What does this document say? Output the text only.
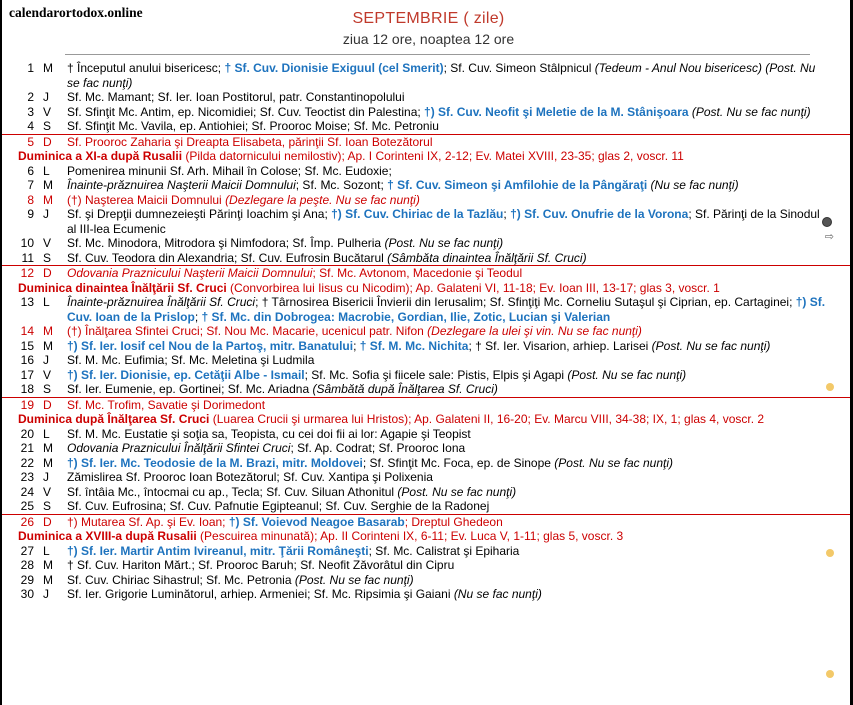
calendarortodox.online	SEPTEMBRIE ( zile)
ziua 12 ore, noaptea 12 ore
1 M	† Începutul anului bisericesc; † Sf. Cuv. Dionisie Exiguul (cel Smerit); Sf. Cuv. Simeon Stâlpnicul (Tedeum - Anul Nou bisericesc) (Post. Nu se fac nunţi)
2 J	Sf. Mc. Mamant; Sf. Ier. Ioan Postitorul, patr. Constantinopolului
3 V	Sf. Sfinţit Mc. Antim, ep. Nicomidiei; Sf. Cuv. Teoctist din Palestina; †) Sf. Cuv. Neofit şi Meletie de la M. Stânişoara (Post. Nu se fac nunţi)
4 S	Sf. Sfinţit Mc. Vavila, ep. Antiohiei; Sf. Prooroc Moise; Sf. Mc. Petroniu
5 D	Sf. Prooroc Zaharia şi Dreapta Elisabeta, părinţii Sf. Ioan Botezătorul
Duminica a XI-a după Rusalii (Pilda datornicului nemilostiv); Ap. I Corinteni IX, 2-12; Ev. Matei XVIII, 23-35; glas 2, voscr. 11
6 L	Pomenirea minunii Sf. Arh. Mihail în Colose; Sf. Mc. Eudoxie;
7 M	Înainte-prăznuirea Naşterii Maicii Domnului; Sf. Mc. Sozont; † Sf. Cuv. Simeon şi Amfilohie de la Pângăraţi (Nu se fac nunţi)
8 M	(†) Naşterea Maicii Domnului (Dezlegare la peşte. Nu se fac nunţi)
9 J	Sf. şi Drepţii dumnezeieşti Părinţi Ioachim şi Ana; †) Sf. Cuv. Chiriac de la Tazlău; †) Sf. Cuv. Onufrie de la Vorona; Sf. Părinţi de la Sinodul al III-lea Ecumenic
10 V	Sf. Mc. Minodora, Mitrodora şi Nimfodora; Sf. Împ. Pulheria (Post. Nu se fac nunţi)
11 S	Sf. Cuv. Teodora din Alexandria; Sf. Cuv. Eufrosin Bucătarul (Sâmbăta dinaintea Înălţării Sf. Cruci)
12 D	Odovania Praznicului Naşterii Maicii Domnului; Sf. Mc. Avtonom, Macedonie şi Teodul
Duminica dinaintea Înălţării Sf. Cruci (Convorbirea lui Iisus cu Nicodim); Ap. Galateni VI, 11-18; Ev. Ioan III, 13-17; glas 3, voscr. 1
13 L	Înainte-prăznuirea Înălţării Sf. Cruci; † Târnosirea Bisericii Învierii din Ierusalim; Sf. Sfinţiţi Mc. Corneliu Sutaşul şi Ciprian, ep. Cartaginei; †) Sf. Cuv. Ioan de la Prislop; † Sf. Mc. din Dobrogea: Macrobie, Gordian, Ilie, Zotic, Lucian şi Valerian
14 M	(†) Înălţarea Sfintei Cruci; Sf. Nou Mc. Macarie, ucenicul patr. Nifon (Dezlegare la ulei şi vin. Nu se fac nunţi)
15 M	†) Sf. Ier. Iosif cel Nou de la Partoş, mitr. Banatului; † Sf. M. Mc. Nichita; † Sf. Ier. Visarion, arhiep. Larisei (Post. Nu se fac nunţi)
16 J	Sf. M. Mc. Eufimia; Sf. Mc. Meletina şi Ludmila
17 V	†) Sf. Ier. Dionisie, ep. Cetăţii Albe - Ismail; Sf. Mc. Sofia şi fiicele sale: Pistis, Elpis şi Agapi (Post. Nu se fac nunţi)
18 S	Sf. Ier. Eumenie, ep. Gortinei; Sf. Mc. Ariadna (Sâmbătă după Înălţarea Sf. Cruci)
19 D	Sf. Mc. Trofim, Savatie şi Dorimedont
Duminica după Înălţarea Sf. Cruci (Luarea Crucii şi urmarea lui Hristos); Ap. Galateni II, 16-20; Ev. Marcu VIII, 34-38; IX, 1; glas 4, voscr. 2
20 L	Sf. M. Mc. Eustatie şi soţia sa, Teopista, cu cei doi fii ai lor: Agapie şi Teopist
21 M	Odovania Praznicului Înălţării Sfintei Cruci; Sf. Ap. Codrat; Sf. Prooroc Iona
22 M	†) Sf. Ier. Mc. Teodosie de la M. Brazi, mitr. Moldovei; Sf. Sfinţit Mc. Foca, ep. de Sinope (Post. Nu se fac nunţi)
23 J	Zămislirea Sf. Prooroc Ioan Botezătorul; Sf. Cuv. Xantipa şi Polixenia
24 V	Sf. întâia Mc., întocmai cu ap., Tecla; Sf. Cuv. Siluan Athonitul (Post. Nu se fac nunţi)
25 S	Sf. Cuv. Eufrosina; Sf. Cuv. Pafnutie Egipteanul; Sf. Cuv. Serghie de la Radonej
26 D	†) Mutarea Sf. Ap. şi Ev. Ioan; †) Sf. Voievod Neagoe Basarab; Dreptul Ghedeon
Duminica a XVIII-a după Rusalii (Pescuirea minunată); Ap. II Corinteni IX, 6-11; Ev. Luca V, 1-11; glas 5, voscr. 3
27 L	†) Sf. Ier. Martir Antim Ivireanul, mitr. Ţării Româneşti; Sf. Mc. Calistrat şi Epiharia
28 M	† Sf. Cuv. Hariton Mărt.; Sf. Prooroc Baruh; Sf. Neofit Zăvorâtul din Cipru
29 M	Sf. Cuv. Chiriac Sihastrul; Sf. Mc. Petronia (Post. Nu se fac nunţi)
30 J	Sf. Ier. Grigorie Luminătorul, arhiep. Armeniei; Sf. Mc. Ripsimia şi Gaiani (Nu se fac nunţi)
⇨
